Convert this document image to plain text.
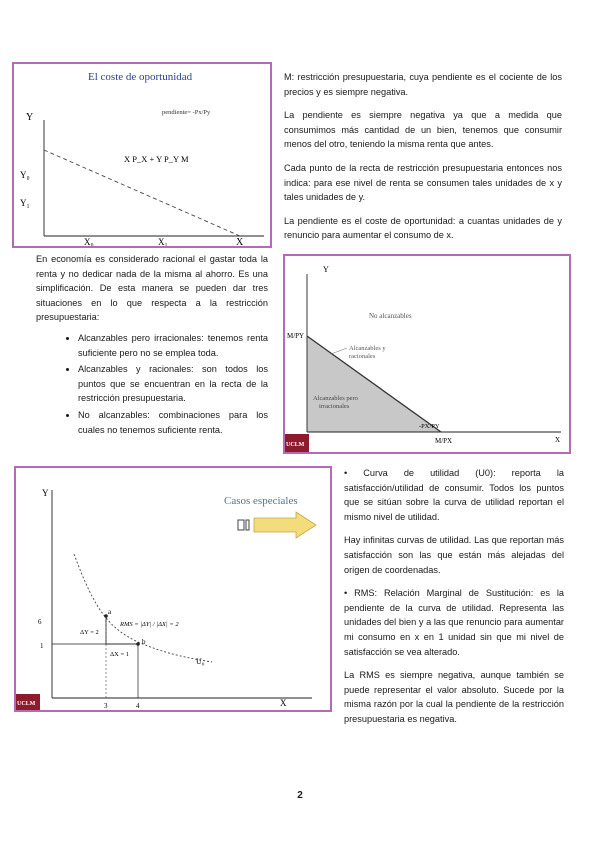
El coste de oportunidad
pendiente= -Px/Py
Y
X P_X + Y P_Y M
Y₀
Y₁
X₀	X₁	X

M: restricción presupuestaria, cuya pendiente es el cociente de los precios y es siempre negativa.

La pendiente es siempre negativa ya que a medida que consumimos más cantidad de un bien, tenemos que consumir menos del otro, teniendo la misma renta que antes.

Cada punto de la recta de restricción presupuestaria entonces nos indica: para ese nivel de renta se consumen tales unidades de x y tales unidades de y.

La pendiente es el coste de oportunidad: a cuantas unidades de y renuncio para aumentar el consumo de x.

En economía es considerado racional el gastar toda la renta y no dedicar nada de la misma al ahorro. Es una simplificación. De esta manera se pueden dar tres situaciones en lo que respecta a la restricción presupuestaria:

• Alcanzables pero irracionales: tenemos renta suficiente pero no se emplea toda.
• Alcanzables y racionales: son todos los puntos que se encuentran en la recta de la restricción presupuestaria.
• No alcanzables: combinaciones para los cuales no tenemos suficiente renta.
Y
No alcanzables
Alcanzables y
racionales
Alcanzables pero
irracionales
M/PY
-PX/PY
M/PX	X
UCLM
Casos especiales
Y
a
b
ΔY = 2
ΔX = 1
RMS = |ΔY| / |ΔX| = 2
U₀
6
1
3	4	X
UCLM

• Curva de utilidad (U0): reporta la satisfacción/utilidad de consumir. Todos los puntos que se sitúan sobre la curva de utilidad reportan el mismo nivel de utilidad.

Hay infinitas curvas de utilidad. Las que reportan más satisfacción son las que están más alejadas del origen de coordenadas.

• RMS: Relación Marginal de Sustitución: es la pendiente de la curva de utilidad. Representa las unidades del bien y a las que renuncio para aumentar mi consumo en x en 1 unidad sin que mi nivel de satisfacción se vea alterado.

La RMS es siempre negativa, aunque también se puede representar el valor absoluto. Sucede por la misma razón por la cual la pendiente de la restricción presupuestaria es negativa.

2
